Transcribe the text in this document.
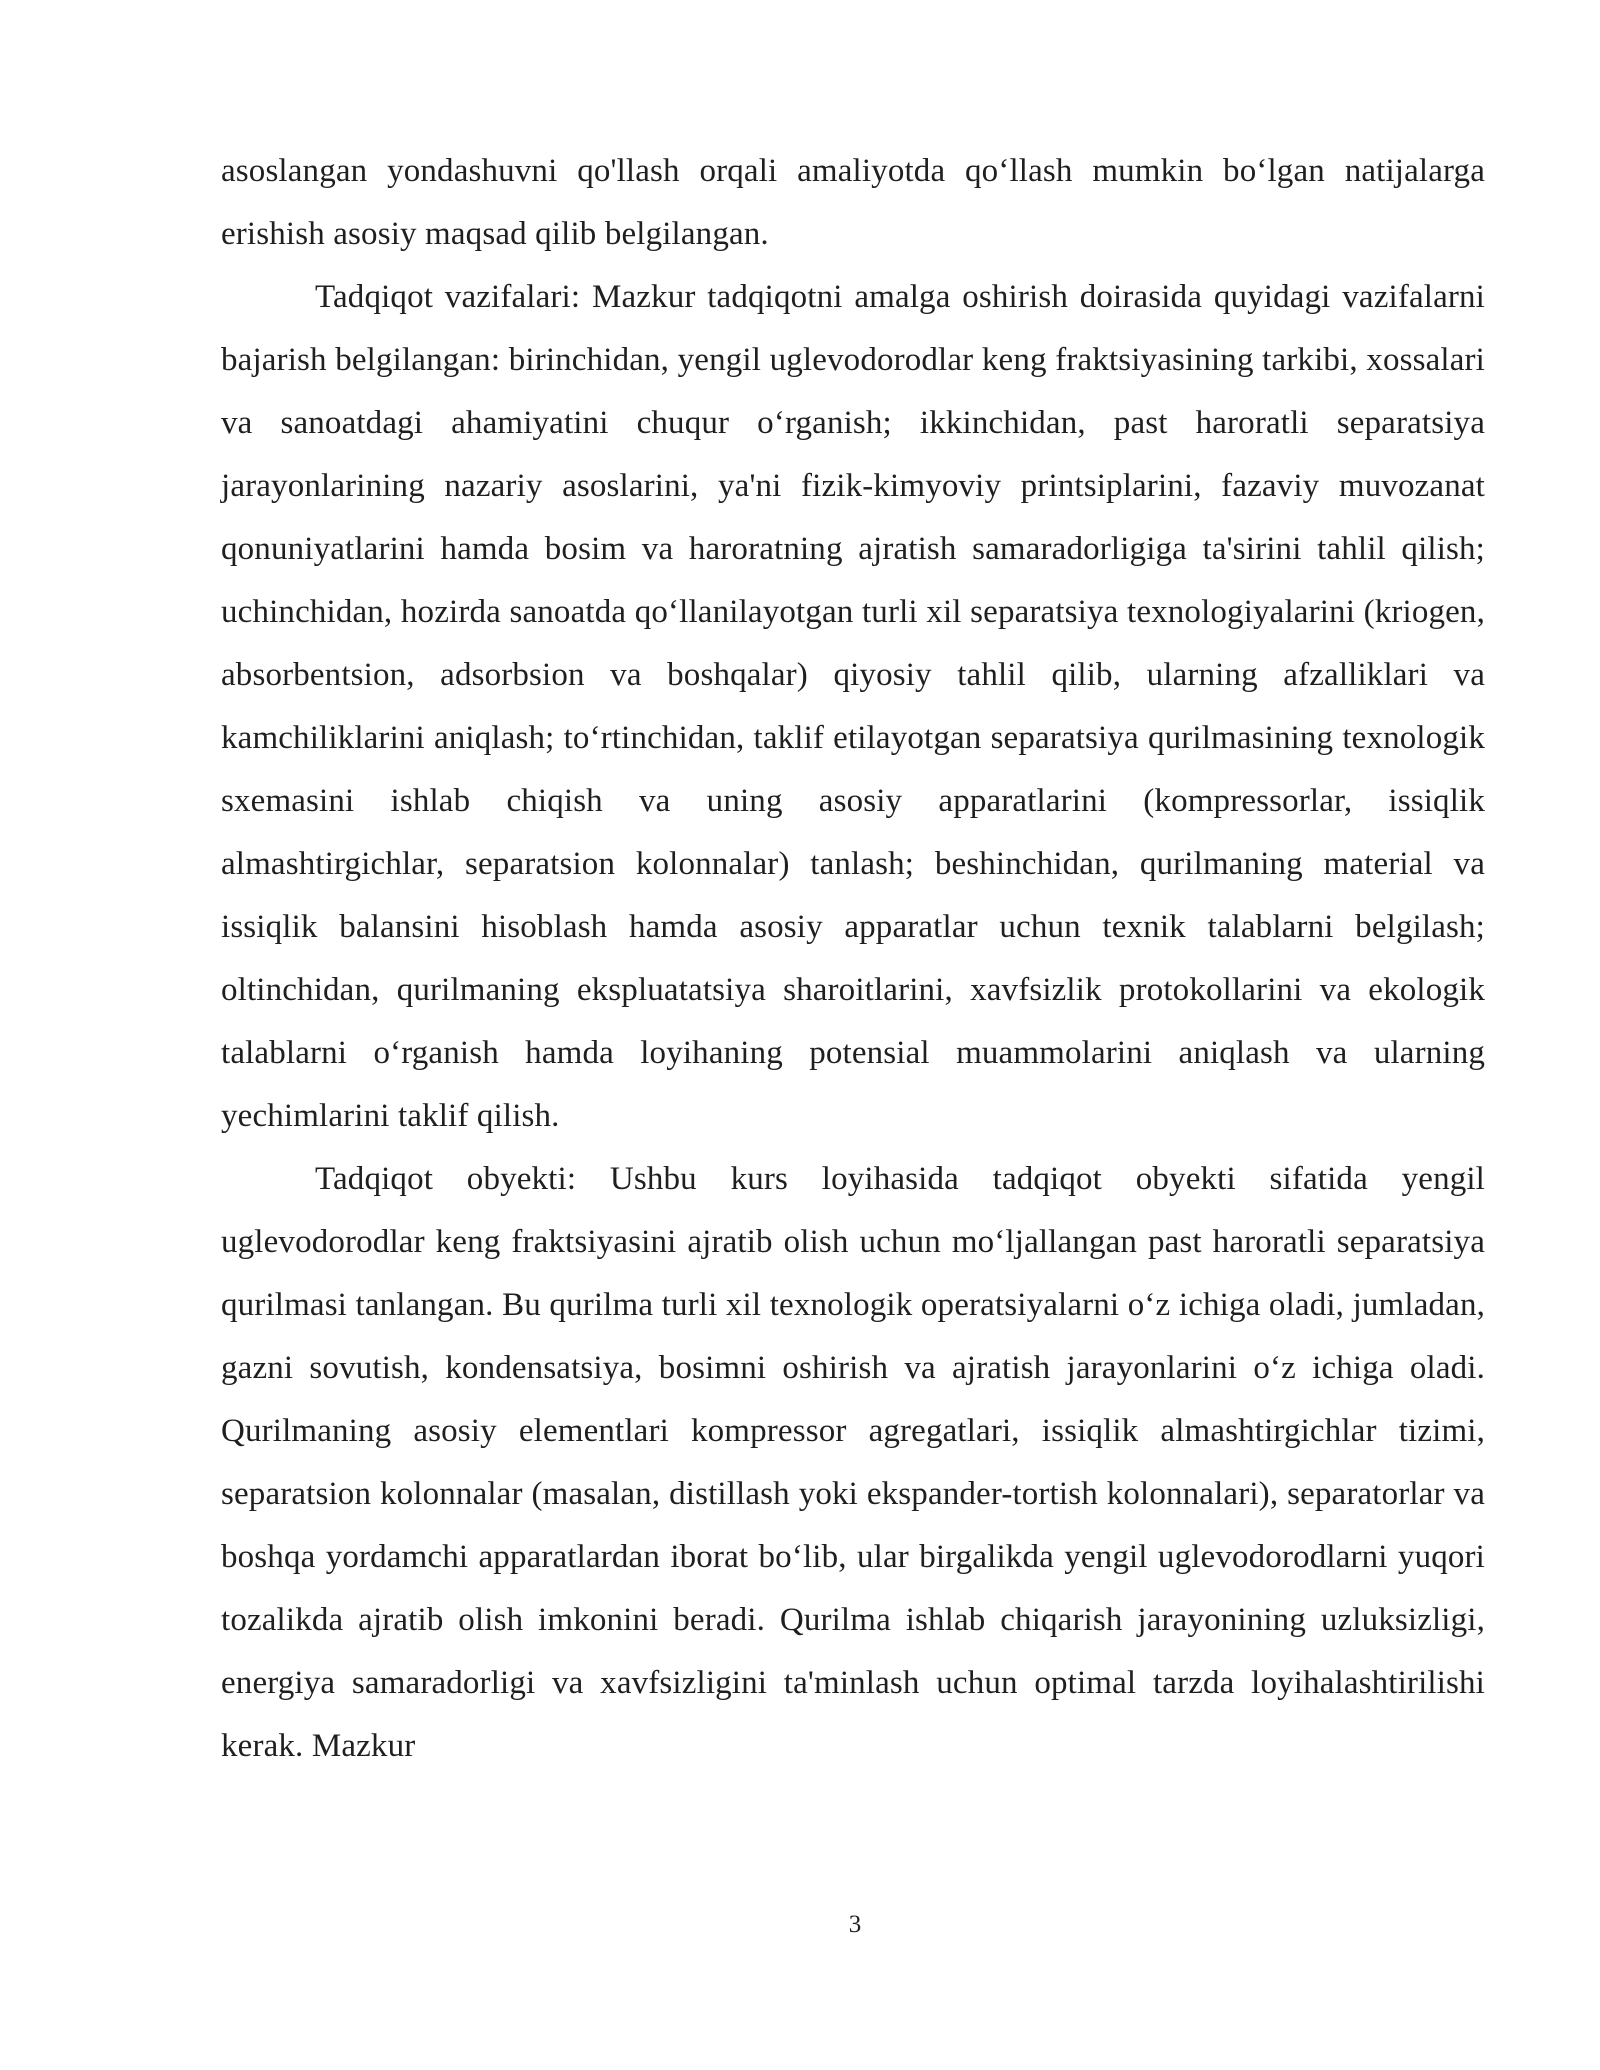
asoslangan yondashuvni qo'llash orqali amaliyotda qo‘llash mumkin bo‘lgan natijalarga erishish asosiy maqsad qilib belgilangan.

Tadqiqot vazifalari: Mazkur tadqiqotni amalga oshirish doirasida quyidagi vazifalarni bajarish belgilangan: birinchidan, yengil uglevodorodlar keng fraktsiyasining tarkibi, xossalari va sanoatdagi ahamiyatini chuqur o‘rganish; ikkinchidan, past haroratli separatsiya jarayonlarining nazariy asoslarini, ya'ni fizik-kimyoviy printsiplarini, fazaviy muvozanat qonuniyatlarini hamda bosim va haroratning ajratish samaradorligiga ta'sirini tahlil qilish; uchinchidan, hozirda sanoatda qo‘llanilayotgan turli xil separatsiya texnologiyalarini (kriogen, absorbentsion, adsorbsion va boshqalar) qiyosiy tahlil qilib, ularning afzalliklari va kamchiliklarini aniqlash; to‘rtinchidan, taklif etilayotgan separatsiya qurilmasining texnologik sxemasini ishlab chiqish va uning asosiy apparatlarini (kompressorlar, issiqlik almashtirgichlar, separatsion kolonnalar) tanlash; beshinchidan, qurilmaning material va issiqlik balansini hisoblash hamda asosiy apparatlar uchun texnik talablarni belgilash; oltinchidan, qurilmaning ekspluatatsiya sharoitlarini, xavfsizlik protokollarini va ekologik talablarni o‘rganish hamda loyihaning potensial muammolarini aniqlash va ularning yechimlarini taklif qilish.

Tadqiqot obyekti: Ushbu kurs loyihasida tadqiqot obyekti sifatida yengil uglevodorodlar keng fraktsiyasini ajratib olish uchun mo‘ljallangan past haroratli separatsiya qurilmasi tanlangan. Bu qurilma turli xil texnologik operatsiyalarni o‘z ichiga oladi, jumladan, gazni sovutish, kondensatsiya, bosimni oshirish va ajratish jarayonlarini o‘z ichiga oladi. Qurilmaning asosiy elementlari kompressor agregatlari, issiqlik almashtirgichlar tizimi, separatsion kolonnalar (masalan, distillash yoki ekspander-tortish kolonnalari), separatorlar va boshqa yordamchi apparatlardan iborat bo‘lib, ular birgalikda yengil uglevodorodlarni yuqori tozalikda ajratib olish imkonini beradi. Qurilma ishlab chiqarish jarayonining uzluksizligi, energiya samaradorligi va xavfsizligini ta'minlash uchun optimal tarzda loyihalashtirilishi kerak. Mazkur

3
